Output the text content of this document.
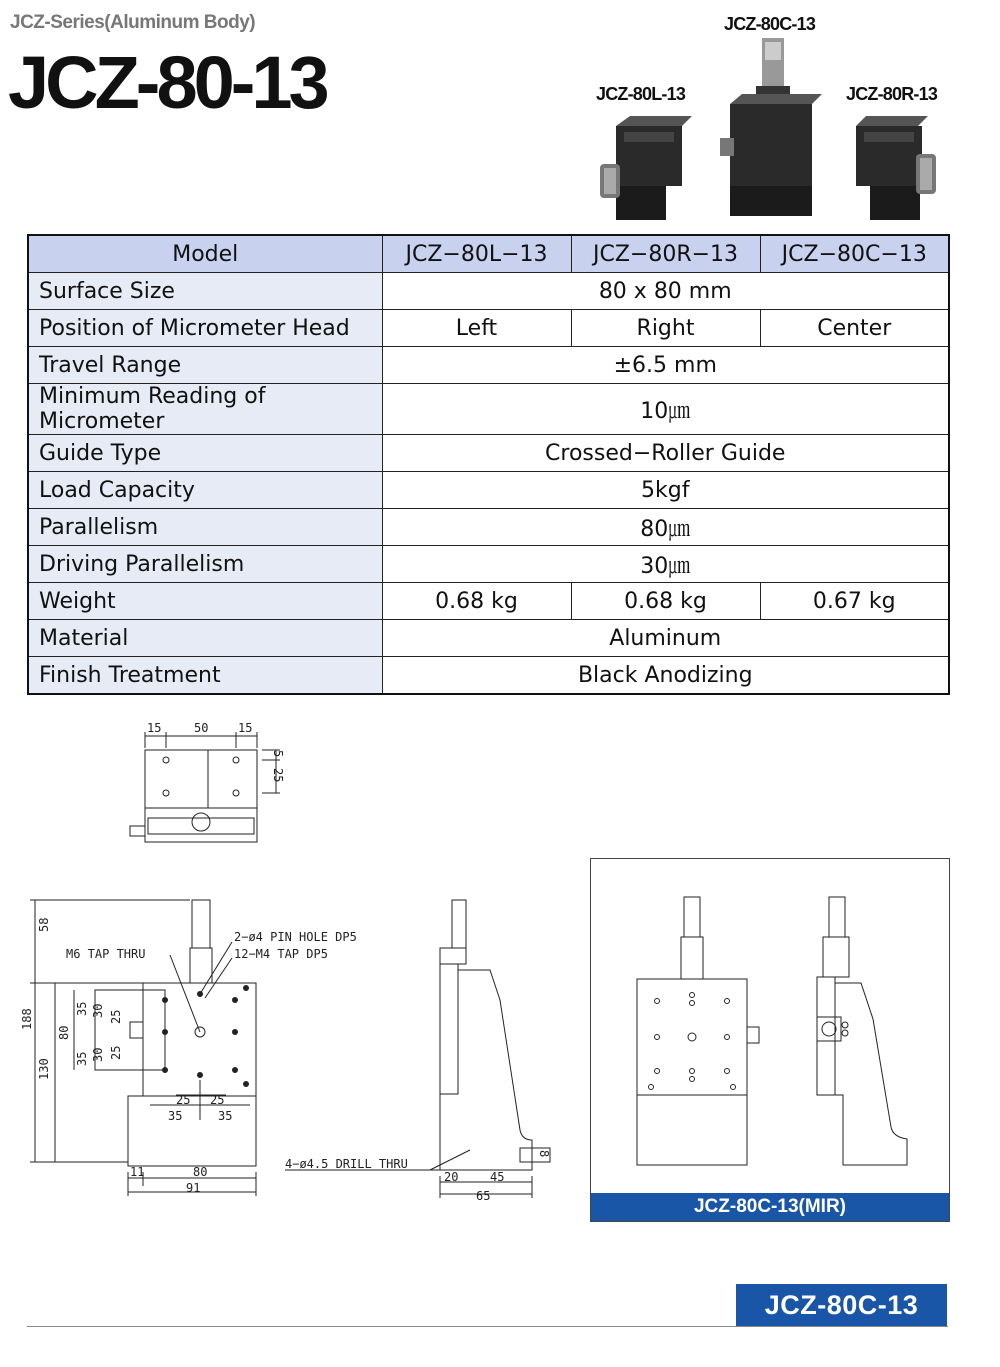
JCZ-Series(Aluminum Body)
JCZ-80-13
JCZ-80C-13
JCZ-80L-13	JCZ-80R-13
Model	JCZ−80L−13	JCZ−80R−13	JCZ−80C−13
Surface Size	80 x 80 mm		
Position of Micrometer Head	Left	Right	Center
Travel Range	±6.5 mm		
Minimum Reading of Micrometer	10㎛		
Guide Type	Crossed−Roller Guide		
Load Capacity	5kgf		
Parallelism	80㎛		
Driving Parallelism	30㎛		
Weight	0.68 kg	0.68 kg	0.67 kg
Material	Aluminum		
Finish Treatment	Black Anodizing		
15	50 15
5
25
2−ø4 PIN HOLE DP5
12−M4 TAP DP5
M6 TAP THRU
4−ø4.5 DRILL THRU
58
188
130
80
35
35
30
30
25
25
25 25
35	35
11	80
91
8
20	45
65	JCZ-80C-13(MIR)
JCZ-80C-13
